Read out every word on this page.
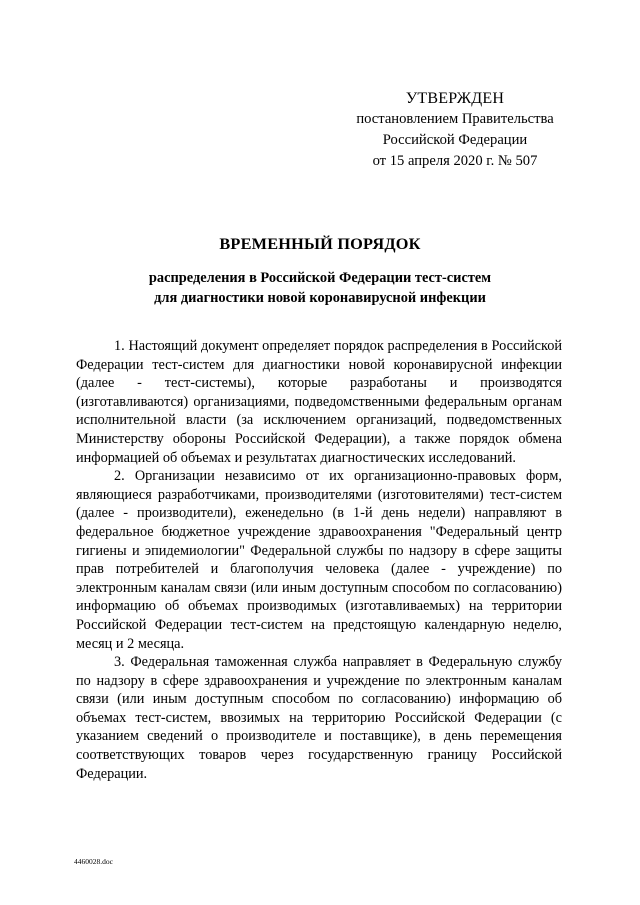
УТВЕРЖДЕН
постановлением Правительства
Российской Федерации
от 15 апреля 2020 г. № 507
ВРЕМЕННЫЙ ПОРЯДОК
распределения в Российской Федерации тест-систем
для диагностики новой коронавирусной инфекции

1. Настоящий документ определяет порядок распределения в Российской Федерации тест-систем для диагностики новой коронавирусной инфекции (далее - тест-системы), которые разработаны и производятся (изготавливаются) организациями, подведомственными федеральным органам исполнительной власти (за исключением организаций, подведомственных Министерству обороны Российской Федерации), а также порядок обмена информацией об объемах и результатах диагностических исследований.

2. Организации независимо от их организационно-правовых форм, являющиеся разработчиками, производителями (изготовителями) тест-систем (далее - производители), еженедельно (в 1-й день недели) направляют в федеральное бюджетное учреждение здравоохранения "Федеральный центр гигиены и эпидемиологии" Федеральной службы по надзору в сфере защиты прав потребителей и благополучия человека (далее - учреждение) по электронным каналам связи (или иным доступным способом по согласованию) информацию об объемах производимых (изготавливаемых) на территории Российской Федерации тест-систем на предстоящую календарную неделю, месяц и 2 месяца.

3. Федеральная таможенная служба направляет в Федеральную службу по надзору в сфере здравоохранения и учреждение по электронным каналам связи (или иным доступным способом по согласованию) информацию об объемах тест-систем, ввозимых на территорию Российской Федерации (с указанием сведений о производителе и поставщике), в день перемещения соответствующих товаров через государственную границу Российской Федерации.

4460028.doc
